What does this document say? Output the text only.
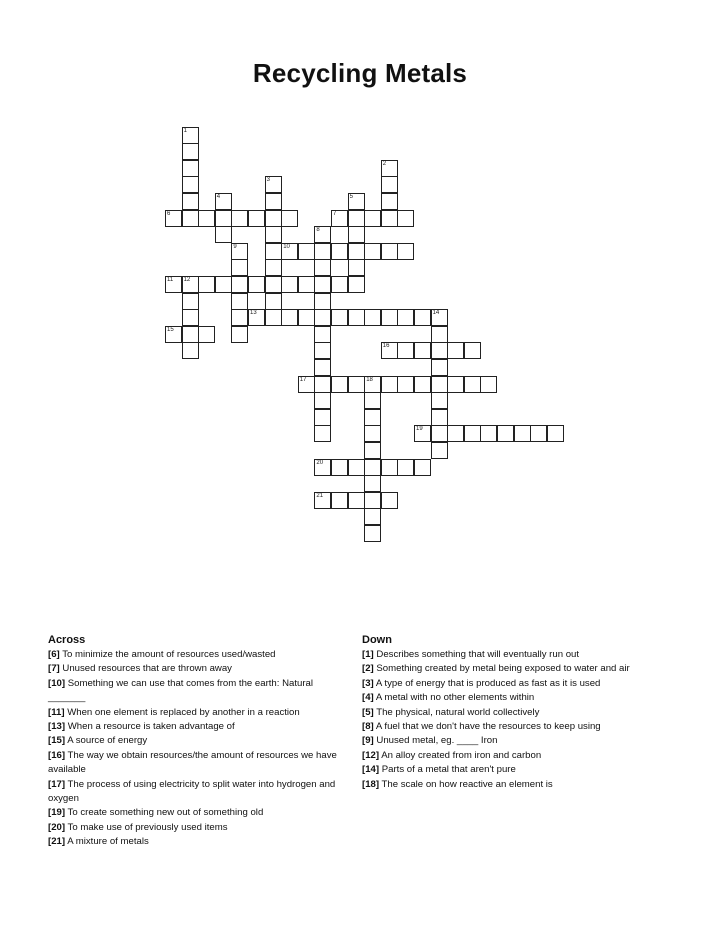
Recycling Metals
1
2
3
4	5
6	7
8
9	10
11 12
13	14
15
16
17	18
19
20
21
Across
[6] To minimize the amount of resources used/wasted
[7] Unused resources that are thrown away
[10] Something we can use that comes from the earth: Natural _______
[11] When one element is replaced by another in a reaction
[13] When a resource is taken advantage of
[15] A source of energy
[16] The way we obtain resources/the amount of resources we have available
[17] The process of using electricity to split water into hydrogen and oxygen
[19] To create something new out of something old
[20] To make use of previously used items
[21] A mixture of metals
Down
[1] Describes something that will eventually run out
[2] Something created by metal being exposed to water and air
[3] A type of energy that is produced as fast as it is used
[4] A metal with no other elements within
[5] The physical, natural world collectively
[8] A fuel that we don't have the resources to keep using
[9] Unused metal, eg. ____ Iron
[12] An alloy created from iron and carbon
[14] Parts of a metal that aren't pure
[18] The scale on how reactive an element is
